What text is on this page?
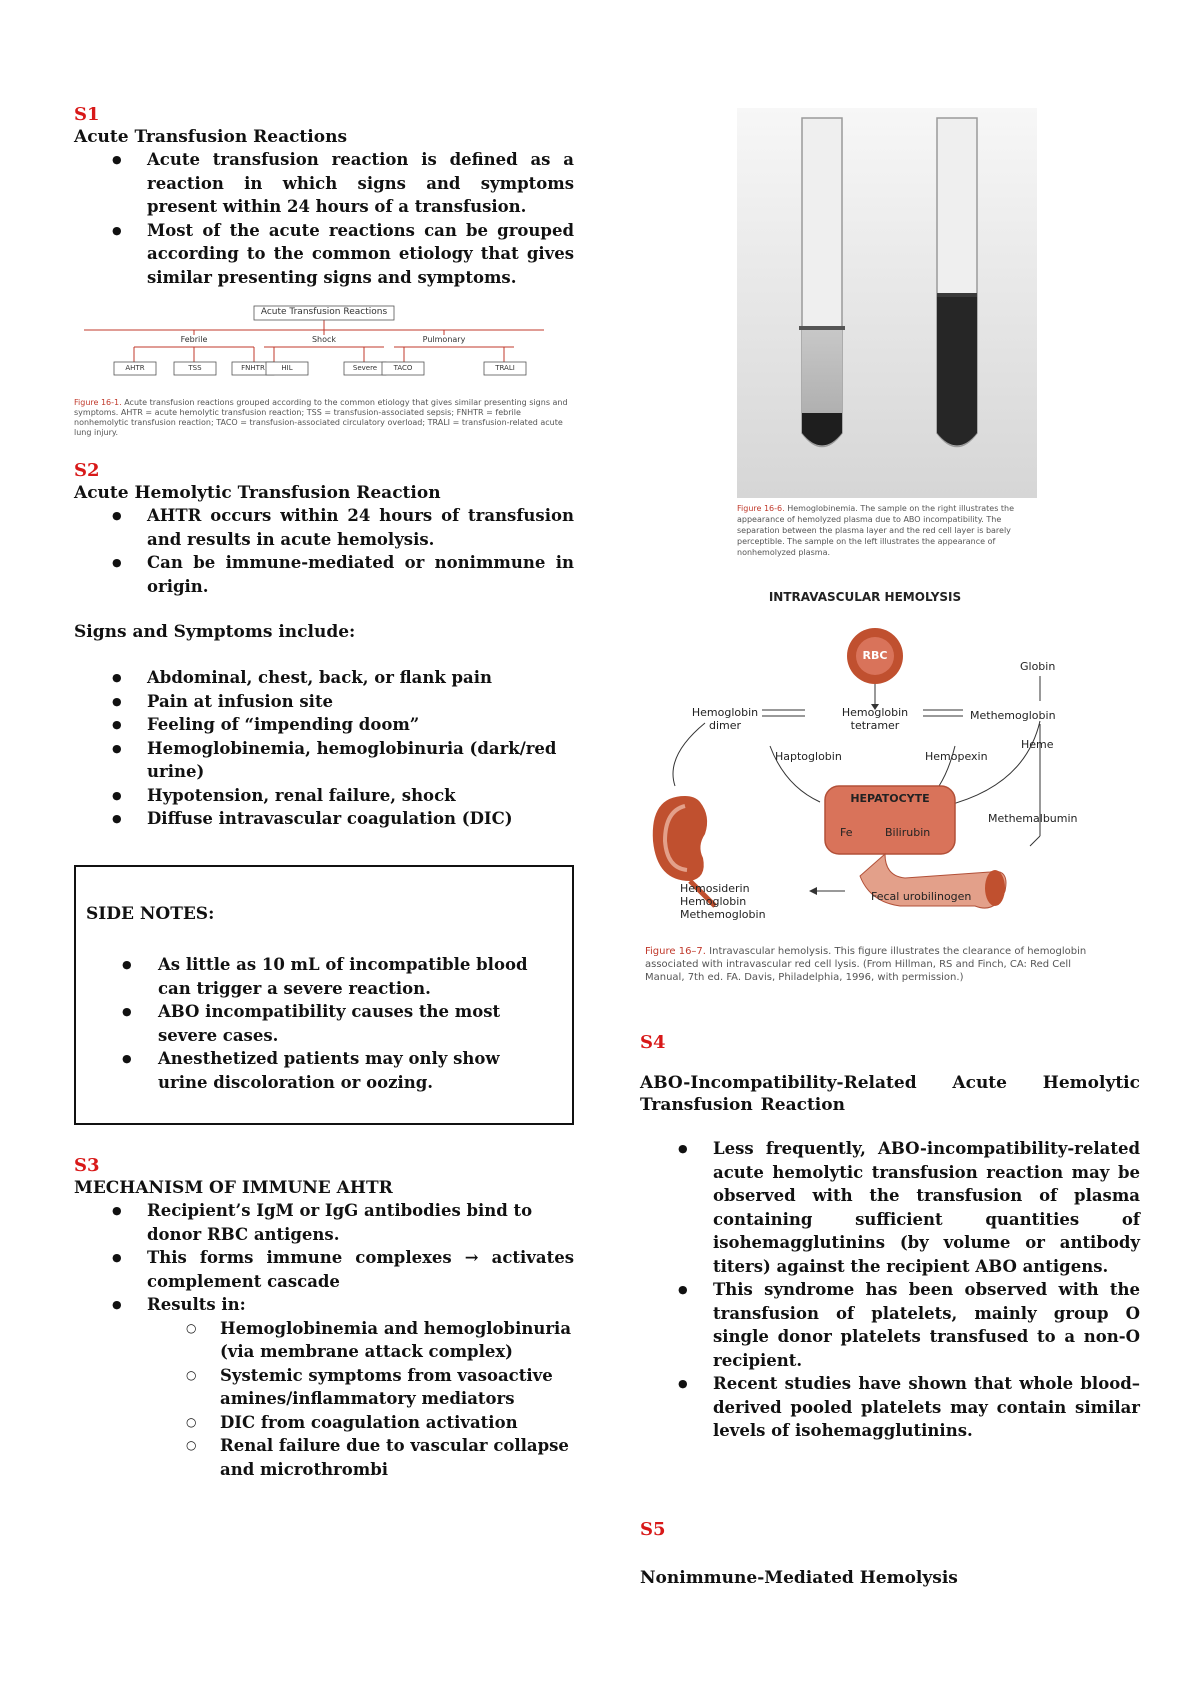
S1
Acute Transfusion Reactions
● Acute transfusion reaction is defined as a reaction in which signs and symptoms present within 24 hours of a transfusion.
● Most of the acute reactions can be grouped according to the common etiology that gives similar presenting signs and symptoms.
Acute Transfusion Reactions
Febrile	Shock	Pulmonary
AHTR	TSS	FNHTR	HIL	Severe	TACO	TRALI
Figure 16-1. Acute transfusion reactions grouped according to the common etiology that gives similar presenting signs and symptoms. AHTR = acute hemolytic transfusion reaction; TSS = transfusion-associated sepsis; FNHTR = febrile nonhemolytic transfusion reaction; TACO = transfusion-associated circulatory overload; TRALI = transfusion-related acute lung injury.
S2
Acute Hemolytic Transfusion Reaction
● AHTR occurs within 24 hours of transfusion and results in acute hemolysis.
● Can be immune-mediated or nonimmune in origin.
Signs and Symptoms include:
● Abdominal, chest, back, or flank pain
● Pain at infusion site
● Feeling of “impending doom”
● Hemoglobinemia, hemoglobinuria (dark/red urine)
● Hypotension, renal failure, shock
● Diffuse intravascular coagulation (DIC)
SIDE NOTES:
● As little as 10 mL of incompatible blood can trigger a severe reaction.
● ABO incompatibility causes the most severe cases.
● Anesthetized patients may only show urine discoloration or oozing.
S3
MECHANISM OF IMMUNE AHTR
● Recipient’s IgM or IgG antibodies bind to donor RBC antigens.
● This forms immune complexes → activates complement cascade
● Results in:
○ Hemoglobinemia and hemoglobinuria (via membrane attack complex)
○ Systemic symptoms from vasoactive amines/inflammatory mediators
○ DIC from coagulation activation
○ Renal failure due to vascular collapse and microthrombi
Figure 16-6. Hemoglobinemia. The sample on the right illustrates the appearance of hemolyzed plasma due to ABO incompatibility. The separation between the plasma layer and the red cell layer is barely perceptible. The sample on the left illustrates the appearance of nonhemolyzed plasma.
INTRAVASCULAR HEMOLYSIS
RBC
Globin
Hemoglobin dimer
Hemoglobin tetramer
Methemoglobin
Heme
Haptoglobin	Hemopexin
HEPATOCYTE
Fe	Bilirubin
Methemalbumin
Fecal urobilinogen
Hemosiderin Hemoglobin Methemoglobin
Figure 16–7. Intravascular hemolysis. This figure illustrates the clearance of hemoglobin associated with intravascular red cell lysis. (From Hillman, RS and Finch, CA: Red Cell Manual, 7th ed. FA. Davis, Philadelphia, 1996, with permission.)
S4
ABO-Incompatibility-Related Acute Hemolytic Transfusion Reaction
● Less frequently, ABO-incompatibility-related acute hemolytic transfusion reaction may be observed with the transfusion of plasma containing sufficient quantities of isohemagglutinins (by volume or antibody titers) against the recipient ABO antigens.
● This syndrome has been observed with the transfusion of platelets, mainly group O single donor platelets transfused to a non-O recipient.
● Recent studies have shown that whole blood–derived pooled platelets may contain similar levels of isohemagglutinins.
S5
Nonimmune-Mediated Hemolysis
